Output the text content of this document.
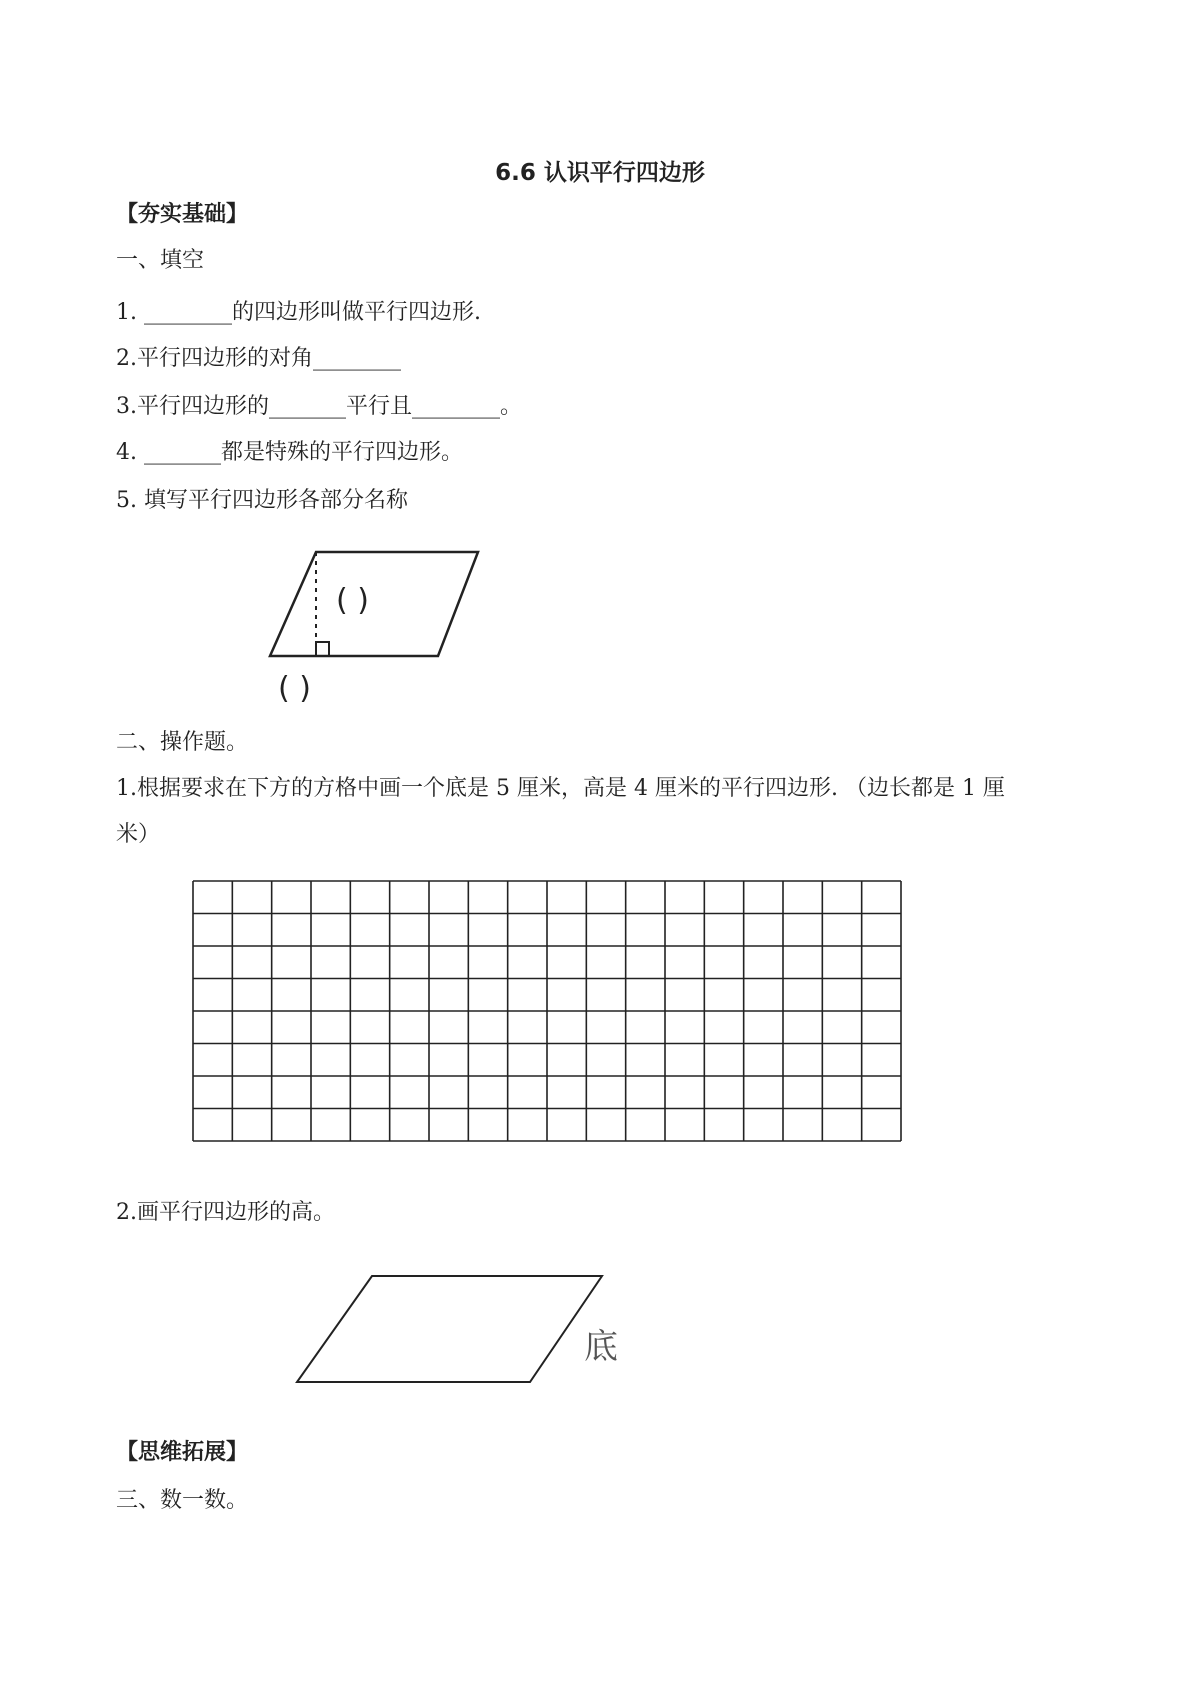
6.6 认识平行四边形
【夯实基础】
一、填空
1. ________的四边形叫做平行四边形.
2.平行四边形的对角________
3.平行四边形的_______平行且________。
4. _______都是特殊的平行四边形。
5. 填写平行四边形各部分名称
( )
( )
二、操作题。
1.根据要求在下方的方格中画一个底是 5 厘米，高是 4 厘米的平行四边形. （边长都是 1 厘
米）
2.画平行四边形的高。
底
【思维拓展】
三、数一数。
